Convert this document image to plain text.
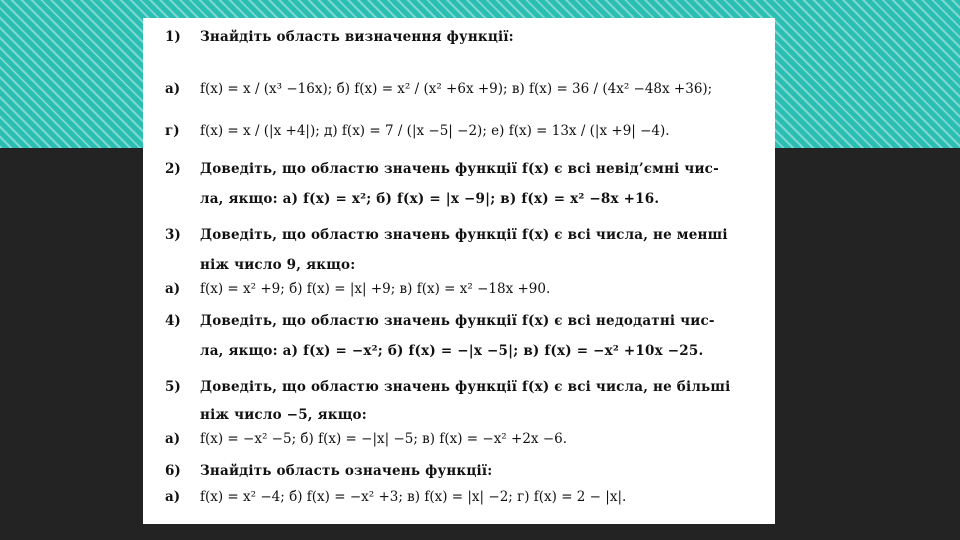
1) Знайдіть область визначення функції:
а) f(x) = x / (x³ −16x); б) f(x) = x² / (x² +6x +9); в) f(x) = 36 / (4x² −48x +36);
г) f(x) = x / (|x +4|); д) f(x) = 7 / (|x −5| −2); е) f(x) = 13x / (|x +9| −4).
2) Доведіть, що областю значень функції f(x) є всі невід’ємні чис-
ла, якщо: а) f(x) = x²; б) f(x) = |x −9|; в) f(x) = x² −8x +16.
3) Доведіть, що областю значень функції f(x) є всі числа, не менші
ніж число 9, якщо:
а) f(x) = x² +9; б) f(x) = |x| +9; в) f(x) = x² −18x +90.
4) Доведіть, що областю значень функції f(x) є всі недодатні чис-
ла, якщо: а) f(x) = −x²; б) f(x) = −|x −5|; в) f(x) = −x² +10x −25.
5) Доведіть, що областю значень функції f(x) є всі числа, не більші
ніж число −5, якщо:
а) f(x) = −x² −5; б) f(x) = −|x| −5; в) f(x) = −x² +2x −6.
6) Знайдіть область означень функції:
а) f(x) = x² −4; б) f(x) = −x² +3; в) f(x) = |x| −2; г) f(x) = 2 − |x|.
